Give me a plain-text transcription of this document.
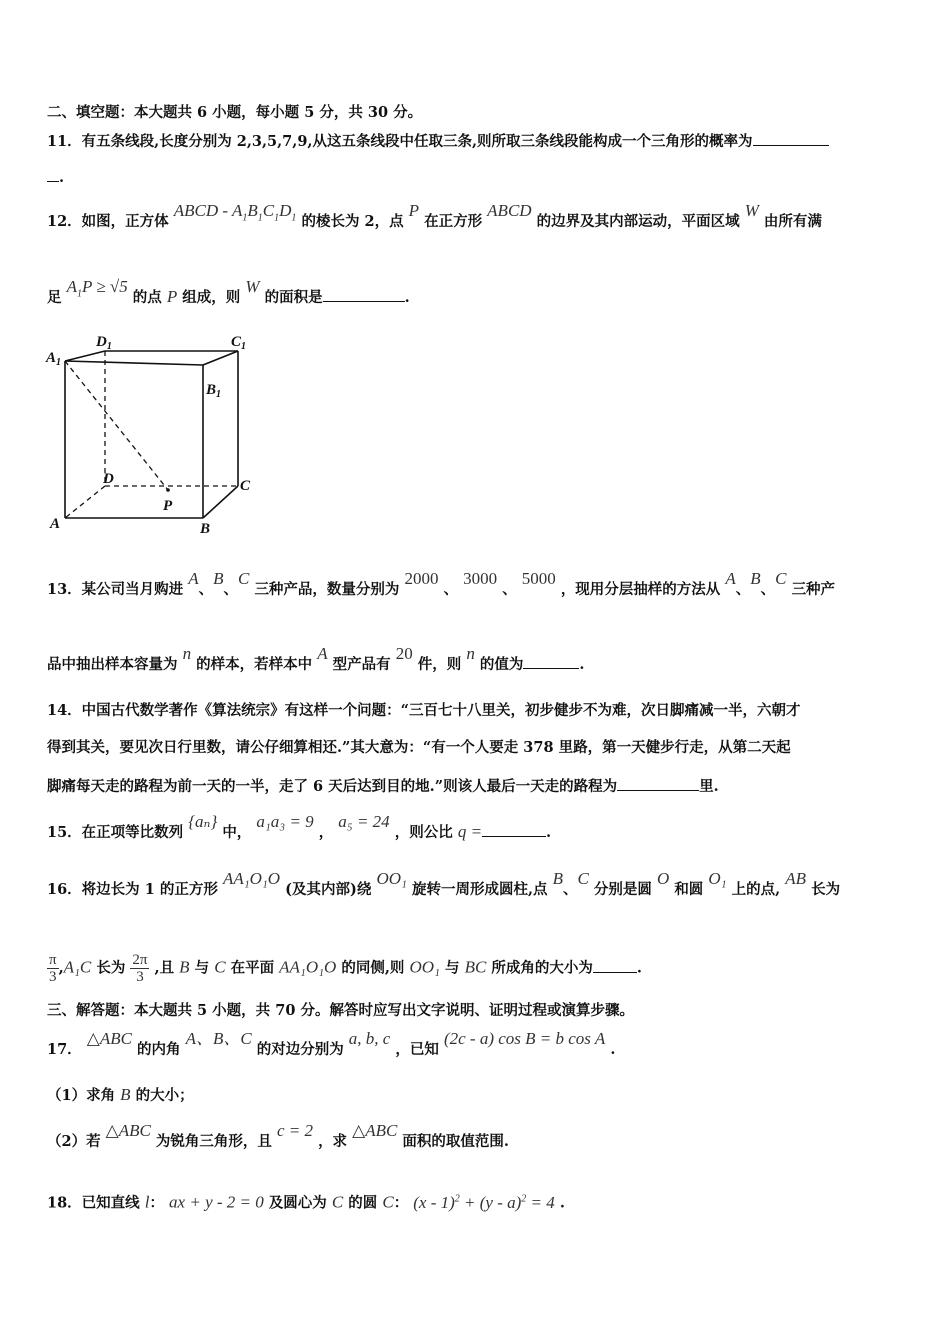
二、填空题：本大题共 6 小题，每小题 5 分，共 30 分。
11．有五条线段,长度分别为 2,3,5,7,9,从这五条线段中任取三条,则所取三条线段能构成一个三角形的概率为
.
12．如图，正方体 ABCD - $A_1B_1C_1D_1$ 的棱长为 2，点 P 在正方形 ABCD 的边界及其内部运动，平面区域 W 由所有满
足 $A_1P \ge √5$ 的点 P 组成，则 W 的面积是	.
$D_1$	$C_1$
$A_1$
$B_1$
D	C
A	B
P
13．某公司当月购进 A、B、C 三种产品，数量分别为 2000 、 3000 、 5000 ，现用分层抽样的方法从 A、B、C 三种产
品中抽出样本容量为 n 的样本，若样本中 A 型产品有 20 件，则 n 的值为	.
14．中国古代数学著作《算法统宗》有这样一个问题：“三百七十八里关，初步健步不为难，次日脚痛减一半，六朝才
得到其关，要见次日行里数，请公仔细算相还.”其大意为：“有一个人要走 378 里路，第一天健步行走，从第二天起
脚痛每天走的路程为前一天的一半，走了 6 天后达到目的地.”则该人最后一天走的路程为	里.
15．在正项等比数列 {aₙ} 中， a₁a₃ = 9 ， a₅ = 24 ，则公比 q =	.
16．将边长为 1 的正方形 AA₁O₁O (及其内部)绕 OO₁ 旋转一周形成圆柱,点 B、C 分别是圆 O 和圆 O₁ 上的点, AB 长为
$\frac{\pi}{3} ,A_1C$ 长为 $\frac{2\pi}{3}$ ,且 B 与 C 在平面 AA₁O₁O 的同侧,则 OO₁ 与 BC 所成角的大小为	.
三、解答题：本大题共 5 小题，共 70 分。解答时应写出文字说明、证明过程或演算步骤。
17． △ABC 的内角 A、B、C 的对边分别为 a, b, c ，已知 (2c - a) cos B = b cos A .
（1）求角 B 的大小；
（2）若 △ABC 为锐角三角形，且 c = 2 ，求 △ABC 面积的取值范围.
18．已知直线 l： ax + y - 2 = 0 及圆心为 C 的圆 C： (x - 1)$^2$ + (y - a)$^2$ = 4 .
